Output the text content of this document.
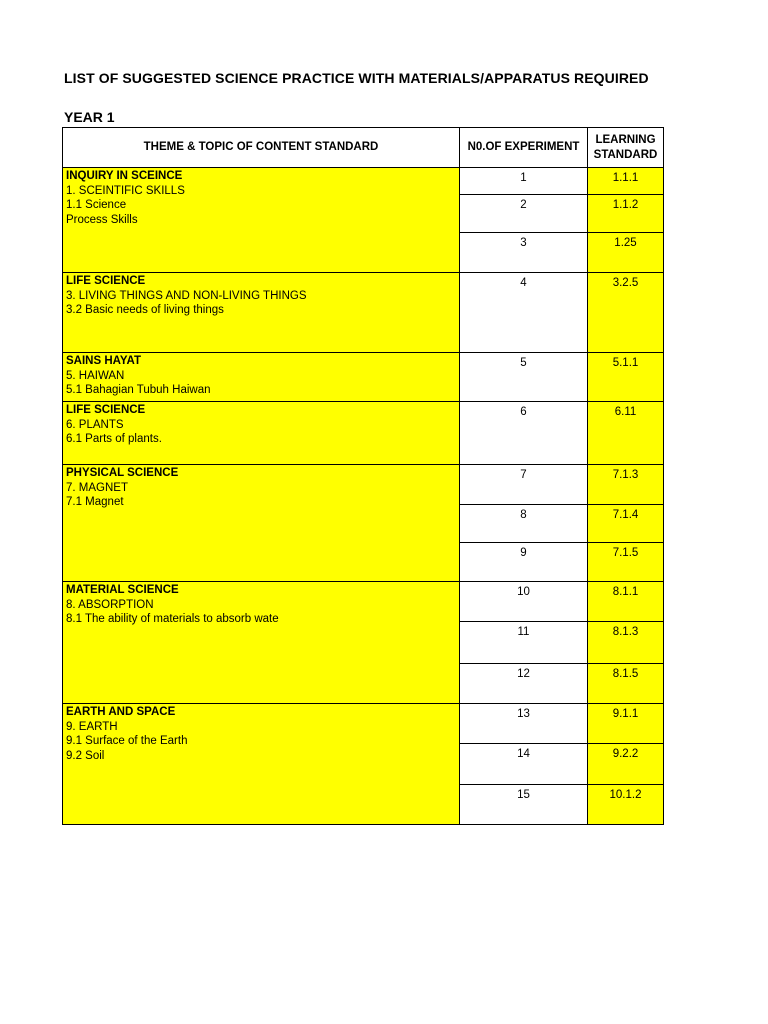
LIST OF SUGGESTED SCIENCE PRACTICE WITH MATERIALS/APPARATUS REQUIRED
YEAR 1
THEME & TOPIC OF CONTENT STANDARD	N0.OF EXPERIMENT	LEARNING
STANDARD

INQUIRY IN SCEINCE
1. SCEINTIFIC SKILLS
1.1 Science
Process Skills	1	1.1.1
	2	1.1.2
	3	1.25

LIFE SCIENCE
3. LIVING THINGS AND NON-LIVING THINGS
3.2 Basic needs of living things	4	3.2.5

SAINS HAYAT
5. HAIWAN
5.1 Bahagian Tubuh Haiwan	5	5.1.1

LIFE SCIENCE
6. PLANTS
6.1 Parts of plants.	6	6.11

PHYSICAL SCIENCE
7. MAGNET
7.1 Magnet	7	7.1.3
	8	7.1.4
	9	7.1.5

MATERIAL SCIENCE
8. ABSORPTION
8.1 The ability of materials to absorb wate	10	8.1.1
	11	8.1.3
	12	8.1.5

EARTH AND SPACE
9. EARTH
9.1 Surface of the Earth
9.2 Soil	13	9.1.1
	14	9.2.2
	15	10.1.2
